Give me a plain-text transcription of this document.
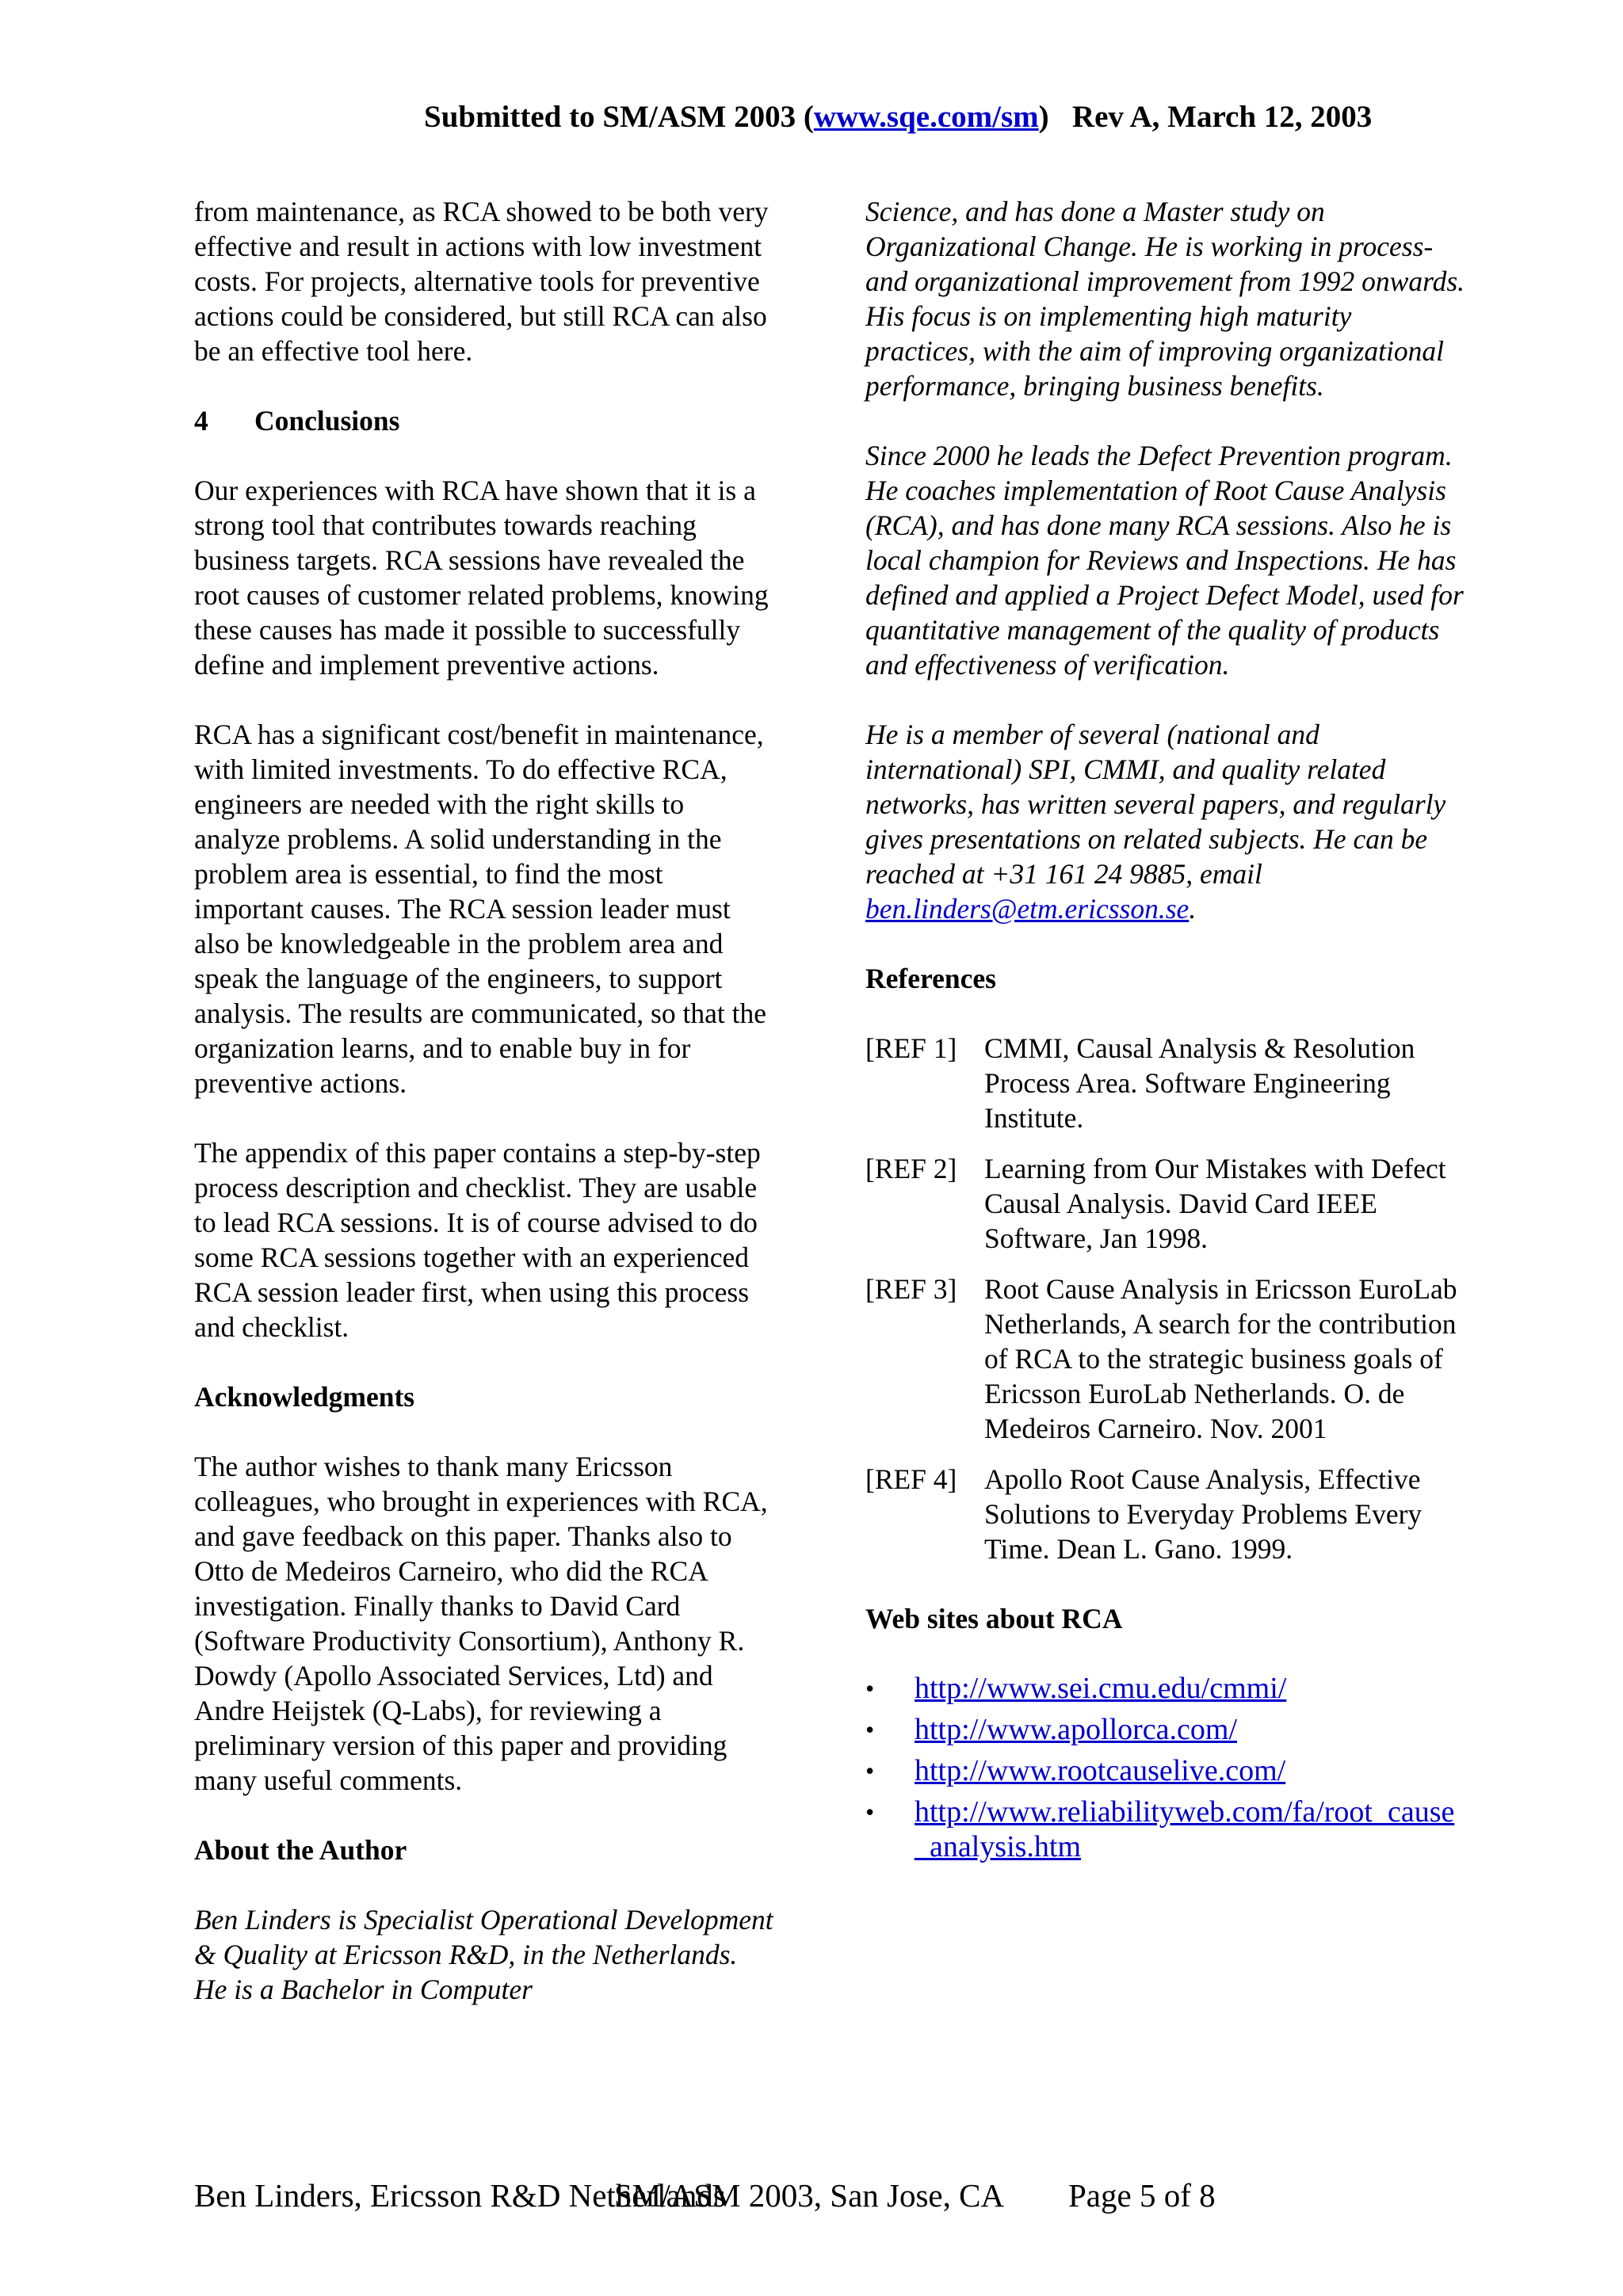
Submitted to SM/ASM 2003 (www.sqe.com/sm)   Rev A, March 12, 2003

from maintenance, as RCA showed to be both very effective and result in actions with low investment costs. For projects, alternative tools for preventive actions could be considered, but still RCA can also be an effective tool here.

4 Conclusions

Our experiences with RCA have shown that it is a strong tool that contributes towards reaching business targets. RCA sessions have revealed the root causes of customer related problems, knowing these causes has made it possible to successfully define and implement preventive actions.

RCA has a significant cost/benefit in maintenance, with limited investments. To do effective RCA, engineers are needed with the right skills to analyze problems. A solid understanding in the problem area is essential, to find the most important causes. The RCA session leader must also be knowledgeable in the problem area and speak the language of the engineers, to support analysis. The results are communicated, so that the organization learns, and to enable buy in for preventive actions.

The appendix of this paper contains a step-by-step process description and checklist. They are usable to lead RCA sessions. It is of course advised to do some RCA sessions together with an experienced RCA session leader first, when using this process and checklist.

Acknowledgments

The author wishes to thank many Ericsson colleagues, who brought in experiences with RCA, and gave feedback on this paper. Thanks also to Otto de Medeiros Carneiro, who did the RCA investigation. Finally thanks to David Card (Software Productivity Consortium), Anthony R. Dowdy (Apollo Associated Services, Ltd) and Andre Heijstek (Q-Labs), for reviewing a preliminary version of this paper and providing many useful comments.

About the Author

Ben Linders is Specialist Operational Development & Quality at Ericsson R&D, in the Netherlands. He is a Bachelor in Computer

Science, and has done a Master study on Organizational Change. He is working in process- and organizational improvement from 1992 onwards. His focus is on implementing high maturity practices, with the aim of improving organizational performance, bringing business benefits.

Since 2000 he leads the Defect Prevention program. He coaches implementation of Root Cause Analysis (RCA), and has done many RCA sessions. Also he is local champion for Reviews and Inspections. He has defined and applied a Project Defect Model, used for quantitative management of the quality of products and effectiveness of verification.

He is a member of several (national and international) SPI, CMMI, and quality related networks, has written several papers, and regularly gives presentations on related subjects. He can be reached at +31 161 24 9885, email ben.linders@etm.ericsson.se.

References
[REF 1] CMMI, Causal Analysis & Resolution Process Area. Software Engineering Institute.
[REF 2] Learning from Our Mistakes with Defect Causal Analysis. David Card IEEE Software, Jan 1998.
[REF 3] Root Cause Analysis in Ericsson EuroLab Netherlands, A search for the contribution of RCA to the strategic business goals of Ericsson EuroLab Netherlands. O. de Medeiros Carneiro. Nov. 2001
[REF 4] Apollo Root Cause Analysis, Effective Solutions to Everyday Problems Every Time. Dean L. Gano. 1999.
Web sites about RCA
•	http://www.sei.cmu.edu/cmmi/
•	http://www.apollorca.com/
•	http://www.rootcauselive.com/
•	http://www.reliabilityweb.com/fa/root_cause_analysis.htm
Ben Linders, Ericsson R&D NetherlandsSM/ASM 2003, San Jose, CA Page 5 of 8
